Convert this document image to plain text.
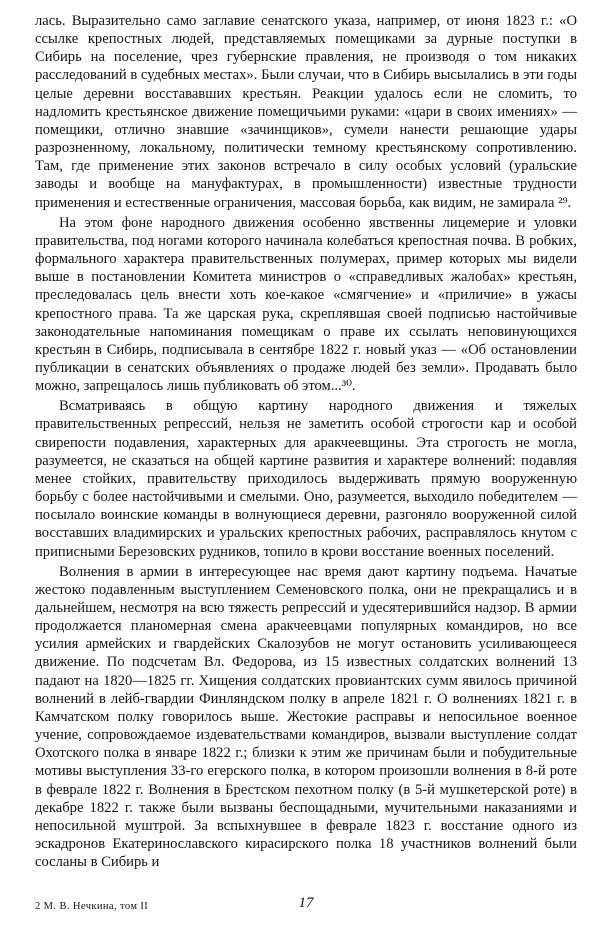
лась. Выразительно само заглавие сенатского указа, например, от июня 1823 г.: «О ссылке крепостных людей, представляемых помещиками за дурные поступки в Сибирь на поселение, чрез губернские правления, не производя о том никаких расследований в судебных местах». Были случаи, что в Сибирь высылались в эти годы целые деревни восстававших крестьян. Реакции удалось если не сломить, то надломить крестьянское движение помещичьими руками: «цари в своих имениях» — помещики, отлично знавшие «зачинщиков», сумели нанести решающие удары разрозненному, локальному, политически темному крестьянскому сопротивлению. Там, где применение этих законов встречало в силу особых условий (уральские заводы и вообще на мануфактурах, в промышленности) известные трудности применения и естественные ограничения, массовая борьба, как видим, не замирала ²⁹.

На этом фоне народного движения особенно явственны лицемерие и уловки правительства, под ногами которого начинала колебаться крепостная почва. В робких, формального характера правительственных полумерах, пример которых мы видели выше в постановлении Комитета министров о «справедливых жалобах» крестьян, преследовалась цель внести хоть кое-какое «смягчение» и «приличие» в ужасы крепостного права. Та же царская рука, скреплявшая своей подписью настойчивые законодательные напоминания помещикам о праве их ссылать неповинующихся крестьян в Сибирь, подписывала в сентябре 1822 г. новый указ — «Об остановлении публикации в сенатских объявлениях о продаже людей без земли». Продавать было можно, запрещалось лишь публиковать об этом...³⁰.

Всматриваясь в общую картину народного движения и тяжелых правительственных репрессий, нельзя не заметить особой строгости кар и особой свирепости подавления, характерных для аракчеевщины. Эта строгость не могла, разумеется, не сказаться на общей картине развития и характере волнений: подавляя менее стойких, правительству приходилось выдерживать прямую вооруженную борьбу с более настойчивыми и смелыми. Оно, разумеется, выходило победителем — посылало воинские команды в волнующиеся деревни, разгоняло вооруженной силой восставших владимирских и уральских крепостных рабочих, расправлялось кнутом с приписными Березовских рудников, топило в крови восстание военных поселений.

Волнения в армии в интересующее нас время дают картину подъема. Начатые жестоко подавленным выступлением Семеновского полка, они не прекращались и в дальнейшем, несмотря на всю тяжесть репрессий и удесятерившийся надзор. В армии продолжается планомерная смена аракчеевцами популярных командиров, но все усилия армейских и гвардейских Скалозубов не могут остановить усиливающееся движение. По подсчетам Вл. Федорова, из 15 известных солдатских волнений 13 падают на 1820—1825 гг. Хищения солдатских провиантских сумм явилось причиной волнений в лейб-гвардии Финляндском полку в апреле 1821 г. О волнениях 1821 г. в Камчатском полку говорилось выше. Жестокие расправы и непосильное военное учение, сопровождаемое издевательствами командиров, вызвали выступление солдат Охотского полка в январе 1822 г.; близки к этим же причинам были и побудительные мотивы выступления 33-го егерского полка, в котором произошли волнения в 8-й роте в феврале 1822 г. Волнения в Брестском пехотном полку (в 5-й мушкетерской роте) в декабре 1822 г. также были вызваны беспощадными, мучительными наказаниями и непосильной муштрой. За вспыхнувшее в феврале 1823 г. восстание одного из эскадронов Екатеринославского кирасирского полка 18 участников волнений были сосланы в Сибирь и

2 М. В. Нечкина, том II	17
